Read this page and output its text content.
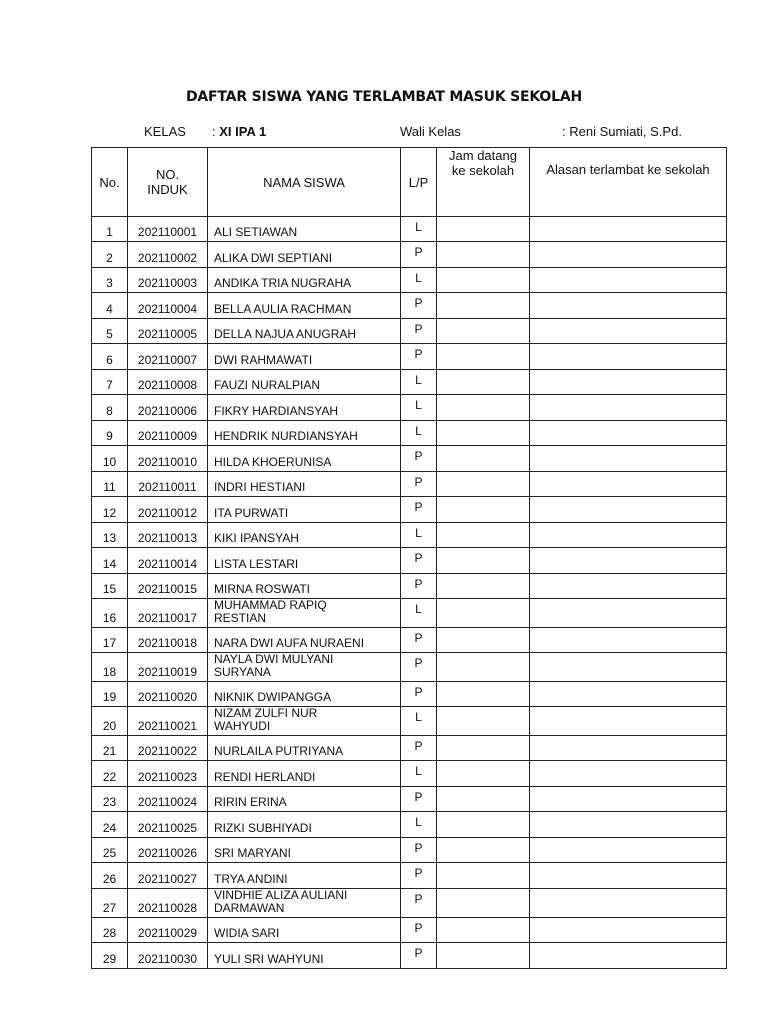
DAFTAR SISWA YANG TERLAMBAT MASUK SEKOLAH
KELAS : XI IPA 1	Wali Kelas	: Reni Sumiati, S.Pd.
No.	NO.
INDUK	NAMA SISWA	L/P	Jam datang
ke sekolah	Alasan terlambat ke sekolah
1	202110001	ALI SETIAWAN	L		
2	202110002	ALIKA DWI SEPTIANI	P		
3	202110003	ANDIKA TRIA NUGRAHA	L		
4	202110004	BELLA AULIA RACHMAN	P		
5	202110005	DELLA NAJUA ANUGRAH	P		
6	202110007	DWI RAHMAWATI	P		
7	202110008	FAUZI NURALPIAN	L		
8	202110006	FIKRY HARDIANSYAH	L		
9	202110009	HENDRIK NURDIANSYAH	L		
10	202110010	HILDA KHOERUNISA	P		
11	202110011	INDRI HESTIANI	P		
12	202110012	ITA PURWATI	P		
13	202110013	KIKI IPANSYAH	L		
14	202110014	LISTA LESTARI	P		
15	202110015	MIRNA ROSWATI	P		
16	202110017	MUHAMMAD RAPIQ
RESTIAN	L		
17	202110018	NARA DWI AUFA NURAENI	P		
18	202110019	NAYLA DWI MULYANI
SURYANA	P		
19	202110020	NIKNIK DWIPANGGA	P		
20	202110021	NIZAM ZULFI NUR
WAHYUDI	L		
21	202110022	NURLAILA PUTRIYANA	P		
22	202110023	RENDI HERLANDI	L		
23	202110024	RIRIN ERINA	P		
24	202110025	RIZKI SUBHIYADI	L		
25	202110026	SRI MARYANI	P		
26	202110027	TRYA ANDINI	P		
27	202110028	VINDHIE ALIZA AULIANI
DARMAWAN	P		
28	202110029	WIDIA SARI	P		
29	202110030	YULI SRI WAHYUNI	P		
